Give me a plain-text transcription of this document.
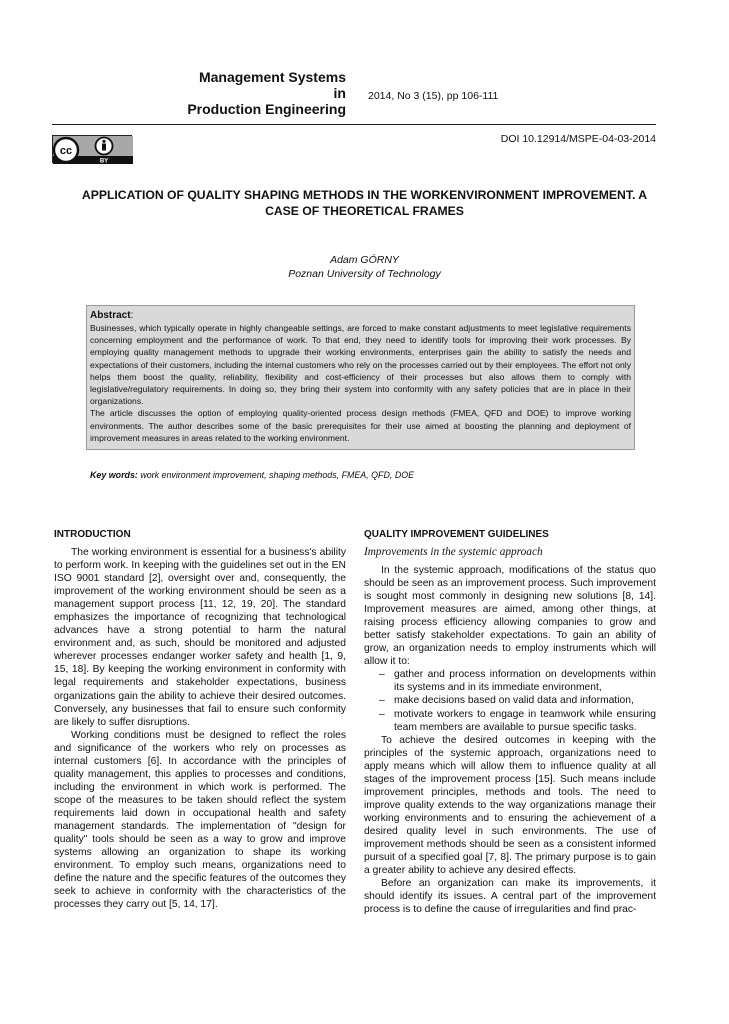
Management Systems
in
Production Engineering
2014, No 3 (15), pp 106-111
cc
BY
DOI 10.12914/MSPE-04-03-2014
APPLICATION OF QUALITY SHAPING METHODS IN THE WORKENVIRONMENT IMPROVEMENT. A CASE OF THEORETICAL FRAMES
Adam GÓRNY
Poznan University of Technology
Abstract:

Businesses, which typically operate in highly changeable settings, are forced to make constant adjustments to meet legislative requirements concerning employment and the performance of work. To that end, they need to identify tools for improving their work processes. By employing quality management methods to upgrade their working environments, enterprises gain the ability to satisfy the needs and expectations of their customers, including the internal customers who rely on the processes carried out by their employees. The effort not only helps them boost the quality, reliability, flexibility and cost-efficiency of their processes but also allows them to comply with legislative/regulatory requirements. In doing so, they bring their system into conformity with any safety policies that are in place in their organizations.

The article discusses the option of employing quality-oriented process design methods (FMEA, QFD and DOE) to improve working environments. The author describes some of the basic prerequisites for their use aimed at boosting the planning and deployment of improvement measures in areas related to the working environment.

Key words: work environment improvement, shaping methods, FMEA, QFD, DOE
INTRODUCTION

The working environment is essential for a business's ability to perform work. In keeping with the guidelines set out in the EN ISO 9001 standard [2], oversight over and, consequently, the improvement of the working environment should be seen as a management support process [11, 12, 19, 20]. The standard emphasizes the importance of recognizing that technological advances have a strong potential to harm the natural environment and, as such, should be monitored and adjusted wherever processes endanger worker safety and health [1, 9, 15, 18]. By keeping the working environment in conformity with legal requirements and stakeholder expectations, business organizations gain the ability to achieve their desired outcomes. Conversely, any businesses that fail to ensure such conformity are likely to suffer disruptions.

Working conditions must be designed to reflect the roles and significance of the workers who rely on processes as internal customers [6]. In accordance with the principles of quality management, this applies to processes and conditions, including the environment in which work is performed. The scope of the measures to be taken should reflect the system requirements laid down in occupational health and safety management standards. The implementation of "design for quality" tools should be seen as a way to grow and improve systems allowing an organization to shape its working environment. To employ such means, organizations need to define the nature and the specific features of the outcomes they seek to achieve in conformity with the characteristics of the processes they carry out [5, 14, 17].

QUALITY IMPROVEMENT GUIDELINES
Improvements in the systemic approach

In the systemic approach, modifications of the status quo should be seen as an improvement process. Such improvement is sought most commonly in designing new solutions [8, 14]. Improvement measures are aimed, among other things, at raising process efficiency allowing companies to grow and better satisfy stakeholder expectations. To gain an ability of grow, an organization needs to employ instruments which will allow it to:

– gather and process information on developments within its systems and in its immediate environment,
– make decisions based on valid data and information,
– motivate workers to engage in teamwork while ensuring team members are available to pursue specific tasks.

To achieve the desired outcomes in keeping with the principles of the systemic approach, organizations need to apply means which will allow them to influence quality at all stages of the improvement process [15]. Such means include improvement principles, methods and tools. The need to improve quality extends to the way organizations manage their working environments and to ensuring the achievement of a desired quality level in such environments. The use of improvement methods should be seen as a consistent informed pursuit of a specified goal [7, 8]. The primary purpose is to gain a greater ability to achieve any desired effects.

Before an organization can make its improvements, it should identify its issues. A central part of the improvement process is to define the cause of irregularities and find prac-
